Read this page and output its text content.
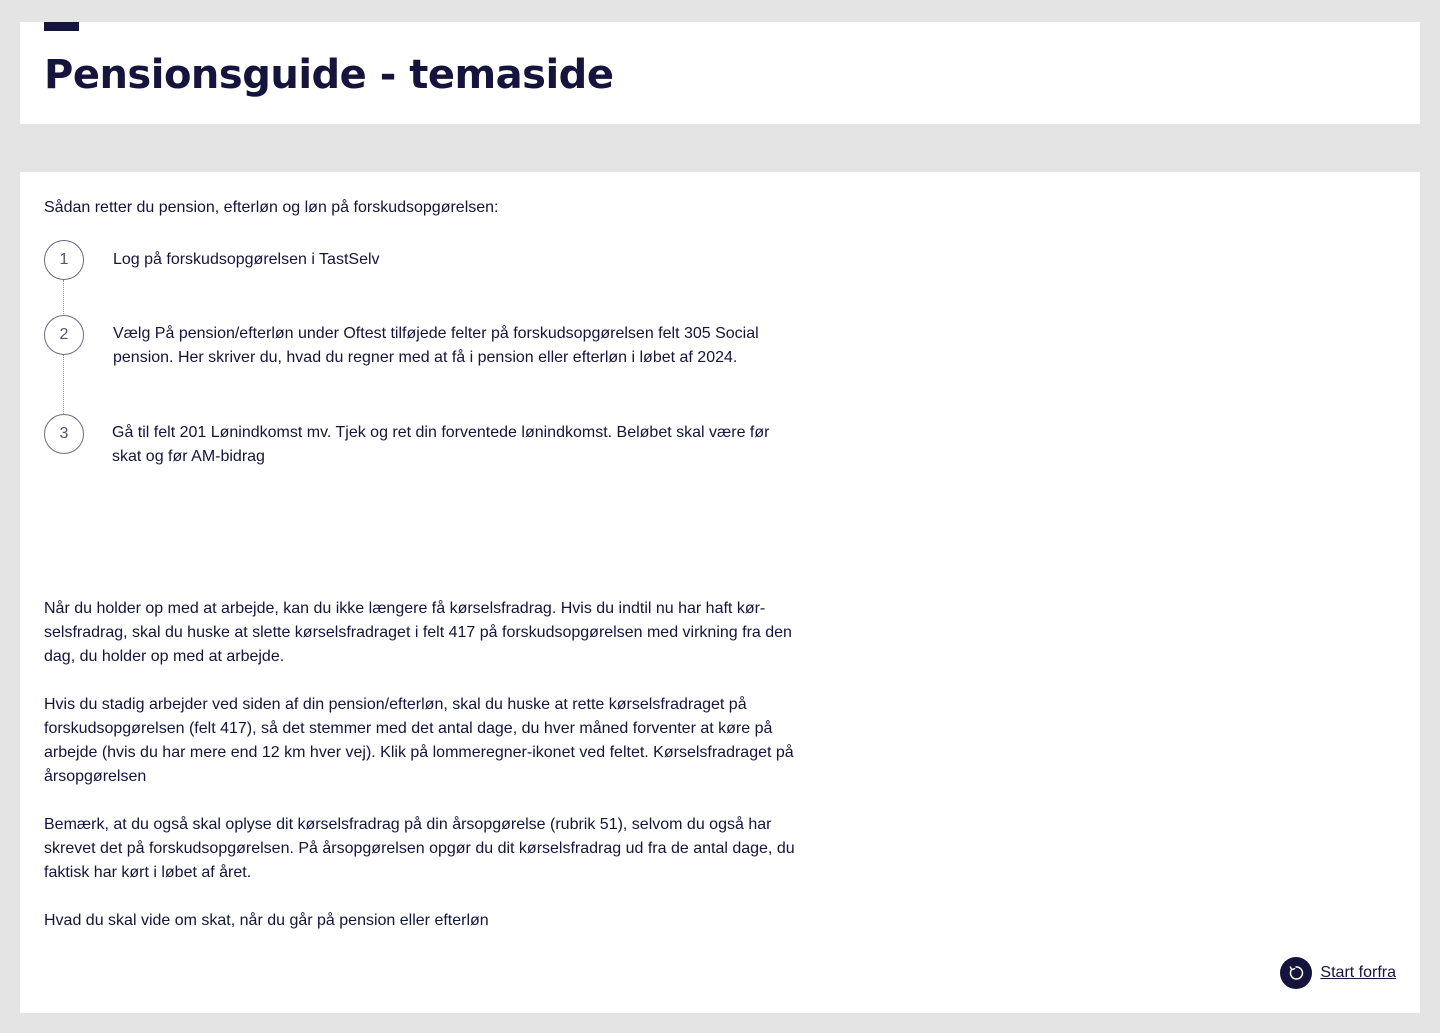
Pensionsguide - temaside

Sådan retter du pension, efterløn og løn på forskudsopgørelsen:

1	Log på forskudsopgørelsen i TastSelv

2	Vælg På pension/efterløn under Oftest tilføjede felter på forskudsopgørelsen felt 305 Social pension. Her skriver du, hvad du regner med at få i pension eller efterløn i løbet af 2024.

3	Gå til felt 201 Lønindkomst mv. Tjek og ret din forventede lønindkomst. Beløbet skal være før skat og før AM-bidrag

Når du holder op med at arbejde, kan du ikke længere få kørselsfradrag. Hvis du indtil nu har haft kørselsfradrag, skal du huske at slette kørselsfradraget i felt 417 på forskudsopgørelsen med virkning fra den dag, du holder op med at arbejde.

Hvis du stadig arbejder ved siden af din pension/efterløn, skal du huske at rette kørselsfradraget på forskudsopgørelsen (felt 417), så det stemmer med det antal dage, du hver måned forventer at køre på arbejde (hvis du har mere end 12 km hver vej). Klik på lommeregner-ikonet ved feltet. Kørselsfradraget på årsopgørelsen

Bemærk, at du også skal oplyse dit kørselsfradrag på din årsopgørelse (rubrik 51), selvom du også har skrevet det på forskudsopgørelsen. På årsopgørelsen opgør du dit kørselsfradrag ud fra de antal dage, du faktisk har kørt i løbet af året.

Hvad du skal vide om skat, når du går på pension eller efterløn

Start forfra
